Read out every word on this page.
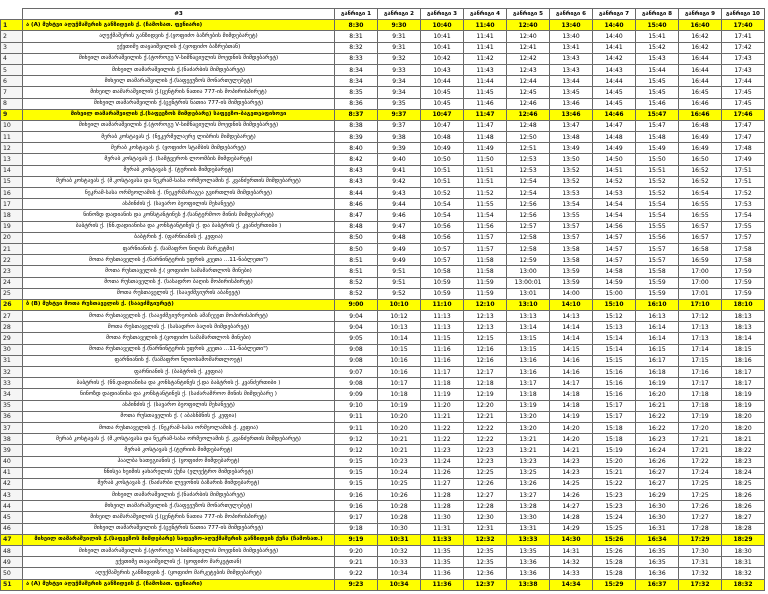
	#3	განრიგი 1	განრიგი 2	განრიგი 3	განრიგი 4	განრიგი 5	განრიგი 6	განრიგი 7	განრიგი 8	განრიგი 9	განრიგი 10
1	ა (A) მუხტვი აღუჭმაშერის განზიდვის ქ. (ჩამოსათ. ფენიარი)	8:30	9:30	10:40	11:40	12:40	13:40	14:40	15:40	16:40	17:40
2	აღუქმაშერის განზიდვის ქ.(ყოფიძო ბაზრების მიმდებარეტ)	8:31	9:31	10:41	11:41	12:40	13:40	14:40	15:41	16:42	17:41
3	ექვთიმე თაყაიშვილის ქ.(ყოფიძო ბაზრებთან)	8:32	9:31	10:41	11:41	12:41	13:41	14:41	15:42	16:42	17:42
4	მიხეილ თამარაშვილის ქ.(ტოროგუ V-სიმნაციულის მოედნის მიმდებარეტ)	8:33	9:32	10:42	11:42	12:42	13:43	14:42	15:43	16:44	17:43
5	მიხეილ თამარაშვილის ქ.(ნაძარბის მიმდებარეტ)	8:34	9:33	10:43	11:43	12:43	13:43	14:43	15:44	16:44	17:43
6	მიხეილ თამარაშვილის ქ.(საფეეუზოს მონართულებეტ)	8:34	9:34	10:44	11:44	12:44	13:44	14:44	15:45	16:44	17:44
7	მიხეილ თამარაშვილის ქ.(ცენტრის ნათია 777-ის მოპირისპირეტ)	8:35	9:34	10:45	11:45	12:45	13:45	14:45	15:45	16:45	17:45
8	მიხეილ თამარაშვილის ქ.(ცენტრის ნათია 777-ის მიმდებარეტ)	8:36	9:35	10:45	11:46	12:46	13:46	14:45	15:46	16:46	17:45
9	მიხეილ თამარაშვილის ქ.(საფეეზოს მიმდებარე) საფეეზო-ბაგეთეაფიხოვი	8:37	9:37	10:47	11:47	12:46	13:46	14:46	15:47	16:46	17:46
10	მიხეილ თამარაშვილის ქ.(ტოროგუ V-სიმნაციულის მოედნის მიმდებარეტ)	8:38	9:37	10:47	11:47	12:48	13:47	14:47	15:47	16:48	17:47
11	მერაბ კოსტავას ქ. (ნეკერმელაერე ლიბრის მიმდებარეტ)	8:39	9:38	10:48	11:48	12:50	13:48	14:48	15:48	16:49	17:47
12	მერაბ კოსტავას ქ. (ყოფიძო სტამბის მიმდებარეტ)	8:40	9:39	10:49	11:49	12:51	13:49	14:49	15:49	16:49	17:48
13	მერაბ კოსტავას ქ. (სამტვეროს ლოომბის მიმდებარეტ)	8:42	9:40	10:50	11:50	12:53	13:50	14:50	15:50	16:50	17:49
14	მერაბ კოსტავას ქ. (ტურიის მიმდებარეტ)	8:43	9:41	10:51	11:51	12:53	13:52	14:51	15:51	16:52	17:51
15	მერაბ კოსტავას ქ. (მ.კოსტავასა და ნეკრამ-სასა ორმეოლამის ქ. კვანძერთის მიმდებარეტ)	8:43	9:42	10:51	11:51	12:54	13:52	14:52	15:52	16:52	17:51
16	ნეკრამ-სასა ორმეოლამის ქ. (ნეკერმარაგეა გვირთლის მიმდებარეტ)	8:44	9:43	10:52	11:52	12:54	13:53	14:53	15:52	16:54	17:52
17	ასპინძის ქ. (სავარო ბეოფილის მეხანეეტ)	8:46	9:44	10:54	11:55	12:56	13:54	14:54	15:54	16:55	17:53
18	ნინოზდ დადიანის და კონსტანტინეს ქ.(სანტერმოო მინის მიმდებარეტ)	8:47	9:46	10:54	11:54	12:56	13:55	14:54	15:54	16:55	17:54
19	ბაბტრის ქ. (ნნ.დადიანისა და კონსტანტინეს ქ. და ბაბტრის ქ. კვანძერთიბი )	8:48	9:47	10:56	11:56	12:57	13:57	14:56	15:55	16:57	17:55
20	ბაბტრის ქ. (ფარნიანის ქ. კეფია)	8:50	9:48	10:56	11:57	12:58	13:57	14:57	15:56	16:57	17:57
21	ფარნიანის ქ. (სამაფრო ნიღის მარკეტმი)	8:50	9:49	10:57	11:57	12:58	13:58	14:57	15:57	16:58	17:58
22	მოთა რუსთაველის ქ.(ნარნინტერის უფრის კეეთა ...11-ნაბლეთი")	8:51	9:49	10:57	11:58	12:59	13:58	14:57	15:57	16:59	17:58
23	მოთა რუსთაველის ქ.( ყოფიძო სამამართლოს მინები)	8:51	9:51	10:58	11:58	13:00	13:59	14:58	15:58	17:00	17:59
24	მოთა რუსთაველის ქ. (სასადრო ბაღის მოპირისპირეტ)	8:52	9:51	10:59	11:59	13:00:01	13:59	14:59	15:59	17:00	17:59
25	მოთა რუსთაველის ქ. (სააეძმგიურის აბანეეტ)	8:52	9:52	10:59	11:59	13:01	14:00	15:00	15:59	17:01	17:59
26	ბ (B) მუხტვი მოთა რუსთაველის ქ. (სააეძმგიურეტ)	9:00	10:10	11:10	12:10	13:10	14:10	15:10	16:10	17:10	18:10
27	მოთა რუსთაველის ქ. (სააეძმგიურეობის ამაჩეეეთ მოპირისპირეტ)	9:04	10:12	11:13	12:13	13:13	14:13	15:12	16:13	17:12	18:13
28	მოთა რუსთაველის ქ. (სასადრო ბაღის მიმდებარეტ)	9:04	10:13	11:13	12:13	13:14	14:14	15:13	16:14	17:13	18:13
29	მოთა რუსთაველის ქ.(ყოფიძო სამამართლოს მინები)	9:05	10:14	11:15	12:15	13:15	14:14	15:14	16:14	17:13	18:14
30	მოთა რუსთაველის ქ.(ნარნინტერის უფრის კეეთა ...11-ნაბლეთი")	9:08	10:15	11:16	12:16	13:15	14:15	15:14	16:15	17:14	18:15
31	ფარნიანის ქ. (სამაფრო ნღიოსამომართლოეტ)	9:08	10:16	11:16	12:16	13:16	14:16	15:15	16:17	17:15	18:16
32	ფარნიანის ქ. (ბაბტრის ქ. კეფია)	9:07	10:16	11:17	12:17	13:16	14:16	15:16	16:18	17:16	18:17
33	ბაბტრის ქ. (ნნ.დადიანისა და კონსტანტინეს ქ.და ბაბტრის ქ. კვანძერთიბი )	9:08	10:17	11:18	12:18	13:17	14:17	15:16	16:19	17:17	18:17
34	ნინოზდ დადიანისა და კონსტანტინეს ქ. (საძარამროო მინის მიმდებარე )	9:09	10:18	11:19	12:19	13:18	14:18	15:16	16:20	17:18	18:19
35	ასპინძის ქ. (სავარო ბეოფილის მეხანეეტ)	9:10	10:19	11:20	12:20	13:19	14:18	15:17	16:21	17:18	18:19
36	მოთა რუსთაველის ქ. ( აბასნბნის ქ. კეფია)	9:11	10:20	11:21	12:21	13:20	14:19	15:17	16:22	17:19	18:20
37	მოთა რუსთაველის ქ. (ნეკრამ-სასა ორმეოლამის ქ. კეფია)	9:11	10:20	11:22	12:22	13:20	14:20	15:18	16:22	17:20	18:20
38	მერაბ კოსტავას ქ. (მ.კოსტავასა და ნეკრამ-სასა ორმეოლამის ქ. კვანძერთის მიმდებარეტ)	9:12	10:21	11:22	12:22	13:21	14:20	15:18	16:23	17:21	18:21
39	მერაბ კოსტავას ქ.(ტურიის მიმდებარეტ)	9:12	10:21	11:23	12:23	13:21	14:21	15:19	16:24	17:21	18:22
40	ჰაალბა ხათეგიანის ქ. (ყოფიძო მიმდებარეტ)	9:15	10:23	11:24	12:23	13:23	14:23	15:20	16:26	17:22	18:23
41	ნნისეა ხეიმის ჯახარელის ქუჩა (ელექტრო მიმდებარეტ)	9:15	10:24	11:26	12:25	13:25	14:23	15:21	16:27	17:24	18:24
42	მერაბ კოსტავას ქ. (ნაძარბი ლევონის ბაზარის მიმდებარეტ)	9:15	10:25	11:27	12:26	13:26	14:25	15:22	16:27	17:25	18:25
43	მიხეილ თამარაშვილის ქ.(ნაძარბის მიმდებარეტ)	9:16	10:26	11:28	12:27	13:27	14:26	15:23	16:29	17:25	18:26
44	მიხეილ თამარაშვილის ქ.(საფეეუზოს მონართულებეტ)	9:16	10:28	11:28	12:28	13:28	14:27	15:23	16:30	17:26	18:26
45	მიხეილ თამარაშვილის ქ.(ცენტრის ნათია 777-ის მოპირისპირეტ)	9:17	10:28	11:30	12:30	13:30	14:28	15:24	16:30	17:27	18:27
46	მიხეილ თამარაშვილის ქ.(ცენტრის ნათია 777-ის მიმდებარეტ)	9:18	10:30	11:31	12:31	13:31	14:29	15:25	16:31	17:28	18:28
47	მიხეილ თამარაშვილის ქ.(საფეეზოს მიმდებარე) საფეეზო-აღუქმაშერის განზიდვის ქუჩა (ჩამოსათ.)	9:19	10:31	11:33	12:32	13:33	14:30	15:26	16:34	17:29	18:29
48	მიხეილ თამარაშვილის ქ.(ტოროგუ V-სიმნაციულის მოედნის მიმდებარეტ)	9:20	10:32	11:35	12:35	13:35	14:31	15:26	16:35	17:30	18:30
49	ექვთიმე თაყაიშვილის ქ. (ყოფიძო მარკეტთან)	9:21	10:33	11:35	12:35	13:36	14:32	15:28	16:35	17:31	18:31
50	აღუქმაშერის განზიდვის ქ. (ყოფიძო მარკეტების მიმდებარეტ)	9:22	10:34	11:36	12:36	13:36	14:33	15:28	16:36	17:32	18:32
51	ა (A) მუხტვი აღუჭმაშერის განზიდვის ქ. (ჩამოსათ. ფენიარი)	9:23	10:34	11:36	12:37	13:38	14:34	15:29	16:37	17:32	18:32
